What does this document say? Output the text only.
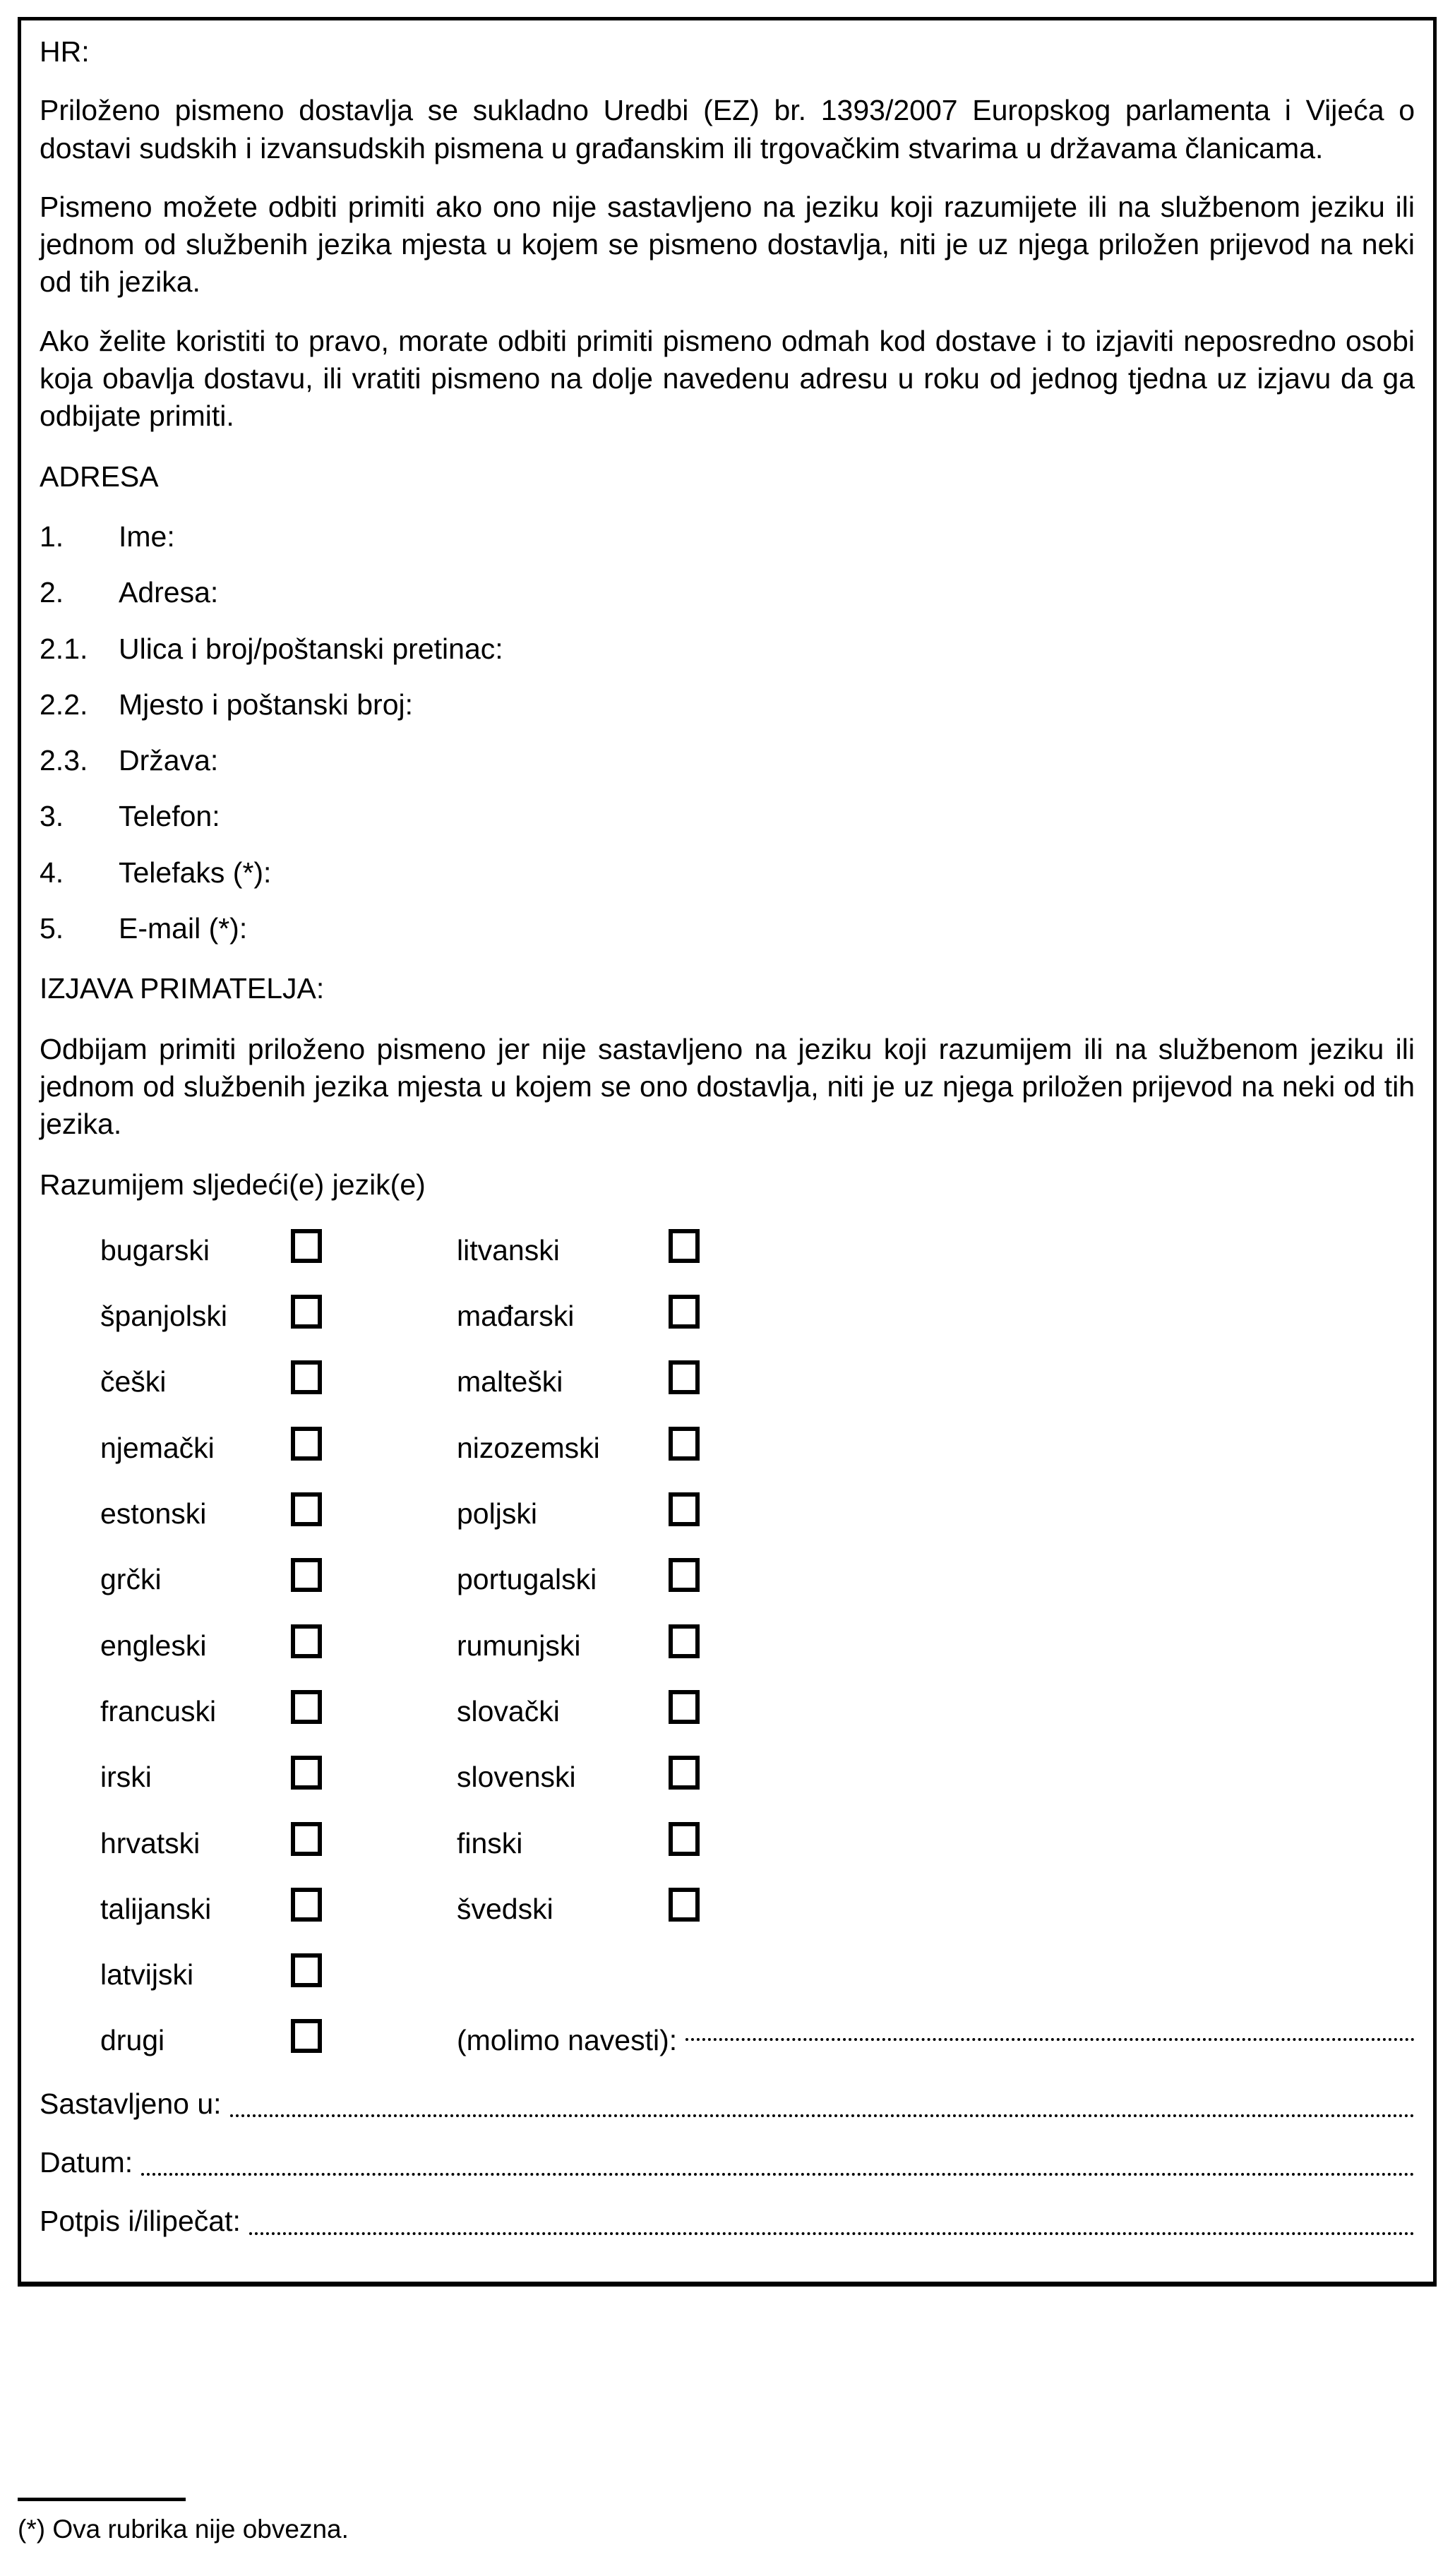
HR:

Priloženo pismeno dostavlja se sukladno Uredbi (EZ) br. 1393/2007 Europskog parlamenta i Vijeća o dostavi sudskih i izvansudskih pismena u građanskim ili trgovačkim stvarima u državama članicama.

Pismeno možete odbiti primiti ako ono nije sastavljeno na jeziku koji razumijete ili na službenom jeziku ili jednom od službenih jezika mjesta u kojem se pismeno dostavlja, niti je uz njega priložen prijevod na neki od tih jezika.

Ako želite koristiti to pravo, morate odbiti primiti pismeno odmah kod dostave i to izjaviti neposredno osobi koja obavlja dostavu, ili vratiti pismeno na dolje navedenu adresu u roku od jednog tjedna uz izjavu da ga odbijate primiti.

ADRESA

1.	Ime:
2.	Adresa:
2.1.	Ulica i broj/poštanski pretinac:
2.2.	Mjesto i poštanski broj:
2.3.	Država:
3.	Telefon:
4.	Telefaks (*):
5.	E-mail (*):

IZJAVA PRIMATELJA:

Odbijam primiti priloženo pismeno jer nije sastavljeno na jeziku koji razumijem ili na službenom jeziku ili jednom od službenih jezika mjesta u kojem se ono dostavlja, niti je uz njega priložen prijevod na neki od tih jezika.

Razumijem sljedeći(e) jezik(e)

bugarski	litvanski
španjolski	mađarski
češki	malteški
njemački	nizozemski
estonski	poljski
grčki	portugalski
engleski	rumunjski
francuski	slovački
irski	slovenski
hrvatski	finski
talijanski	švedski
latvijski
drugi	(molimo navesti):
Sastavljeno u:
Datum:
Potpis i/ilipečat:

(*) Ova rubrika nije obvezna.
